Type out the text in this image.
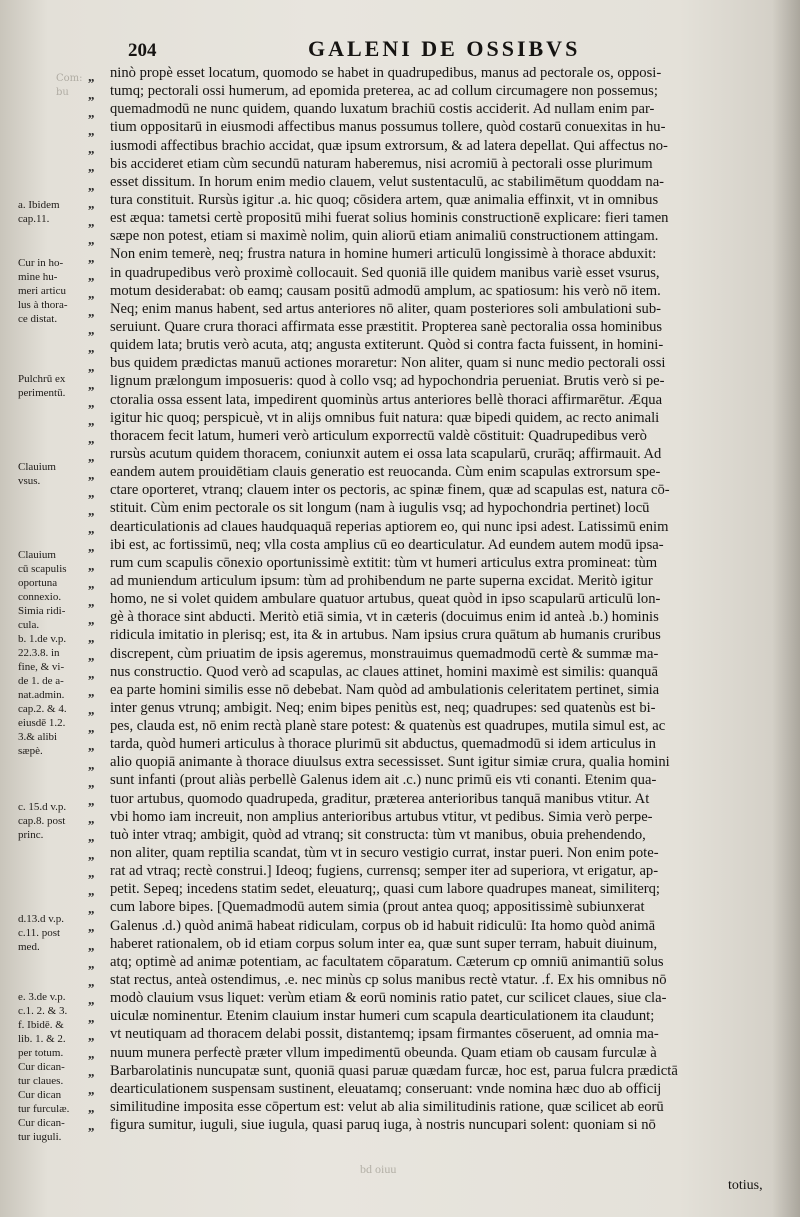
Com: bu
204	GALENI DE OSSIBVS
a. Ibidem
cap.11.
Cur in ho-
mine hu-
meri articu
lus à thora-
ce distat.
Pulchrū ex
perimentū.
Clauium
vsus.
Clauium
cū scapulis
oportuna
connexio.
Simia ridi-
cula.
b. 1.de v.p.
22.3.8. in
fine, & vi-
de 1. de a-
nat.admin.
cap.2. & 4.
eiusdē 1.2.
3.& alibi
sæpè.
c. 15.d v.p.
cap.8. post
princ.
d.13.d v.p.
c.11. post
med.
e. 3.de v.p.
c.1. 2. & 3.
f. Ibidē. &
lib. 1. & 2.
per totum.
Cur dican-
tur claues.
Cur dican
tur furculæ.
Cur dican-
tur iuguli.
„
„
„
„
„
„
„
„
„
„
„
„
„
„
„
„
„
„
„
„
„
„
„
„
„
„
„
„
„
„
„
„
„
„
„
„
„
„
„
„
„
„
„
„
„
„
„
„
„
„
„
„
„
„
„
„
„
„
„

ninò propè esset locatum, quomodo se habet in quadrupedibus, manus ad pectorale os, opposi-
tumq; pectorali ossi humerum, ad epomida preterea, ac ad collum circumagere non possemus;
quemadmodū ne nunc quidem, quando luxatum brachiū costis acciderit. Ad nullam enim par-
tium oppositarū in eiusmodi affectibus manus possumus tollere, quòd costarū conuexitas in hu-
iusmodi affectibus brachio accidat, quæ ipsum extrorsum, & ad latera depellat. Qui affectus no-
bis accideret etiam cùm secundū naturam haberemus, nisi acromiū à pectorali osse plurimum
esset dissitum. In horum enim medio clauem, velut sustentaculū, ac stabilimētum quoddam na-
tura constituit. Rursùs igitur .a. hic quoq; cōsidera artem, quæ animalia effinxit, vt in omnibus
est æqua: tametsi certè propositū mihi fuerat solius hominis constructionē explicare: fieri tamen
sæpe non potest, etiam si maximè nolim, quin aliorū etiam animaliū constructionem attingam.
Non enim temerè, neq; frustra natura in homine humeri articulū longissimè à thorace abduxit:
in quadrupedibus verò proximè collocauit. Sed quoniā ille quidem manibus variè esset vsurus,
motum desiderabat: ob eamq; causam positū admodū amplum, ac spatiosum: his verò nō item.
Neq; enim manus habent, sed artus anteriores nō aliter, quam posteriores soli ambulationi sub-
seruiunt. Quare crura thoraci affirmata esse præstitit. Propterea sanè pectoralia ossa hominibus
quidem lata; brutis verò acuta, atq; angusta extiterunt. Quòd si contra facta fuissent, in homini-
bus quidem prædictas manuū actiones moraretur: Non aliter, quam si nunc medio pectorali ossi
lignum prælongum imposueris: quod à collo vsq; ad hypochondria perueniat. Brutis verò si pe-
ctoralia ossa essent lata, impedirent quominùs artus anteriores bellè thoraci affirmarētur. Æqua
igitur hic quoq; perspicuè, vt in alijs omnibus fuit natura: quæ bipedi quidem, ac recto animali
thoracem fecit latum, humeri verò articulum exporrectū valdè cōstituit: Quadrupedibus verò
rursùs acutum quidem thoracem, coniunxit autem ei ossa lata scapularū, crurāq; affirmauit. Ad
eandem autem prouidētiam clauis generatio est reuocanda. Cùm enim scapulas extrorsum spe-
ctare oporteret, vtranq; clauem inter os pectoris, ac spinæ finem, quæ ad scapulas est, natura cō-
stituit. Cùm enim pectorale os sit longum (nam à iugulis vsq; ad hypochondria pertinet) locū
dearticulationis ad claues haudquaquā reperias aptiorem eo, qui nunc ipsi adest. Latissimū enim
ibi est, ac fortissimū, neq; vlla costa amplius cū eo dearticulatur. Ad eundem autem modū ipsa-
rum cum scapulis cōnexio oportunissimè extitit: tùm vt humeri articulus extra promineat: tùm
ad muniendum articulum ipsum: tùm ad prohibendum ne parte superna excidat. Meritò igitur
homo, ne si volet quidem ambulare quatuor artubus, queat quòd in ipso scapularū articulū lon-
gè à thorace sint abducti. Meritò etiā simia, vt in cæteris (docuimus enim id anteà .b.) hominis
ridicula imitatio in plerisq; est, ita & in artubus. Nam ipsius crura quātum ab humanis cruribus
discrepent, cùm priuatim de ipsis ageremus, monstrauimus quemadmodū certè & summæ ma-
nus constructio. Quod verò ad scapulas, ac claues attinet, homini maximè est similis: quanquā
ea parte homini similis esse nō debebat. Nam quòd ad ambulationis celeritatem pertinet, simia
inter genus vtrunq; ambigit. Neq; enim bipes penitùs est, neq; quadrupes: sed quatenùs est bi-
pes, clauda est, nō enim rectà planè stare potest: & quatenùs est quadrupes, mutila simul est, ac
tarda, quòd humeri articulus à thorace plurimū sit abductus, quemadmodū si idem articulus in
alio quopiā animante à thorace diuulsus extra secessisset. Sunt igitur simiæ crura, qualia homini
sunt infanti (prout aliàs perbellè Galenus idem ait .c.) nunc primū eis vti conanti. Etenim qua-
tuor artubus, quomodo quadrupeda, graditur, præterea anterioribus tanquā manibus vtitur. At
vbi homo iam increuit, non amplius anterioribus artubus vtitur, vt pedibus. Simia verò perpe-
tuò inter vtraq; ambigit, quòd ad vtranq; sit constructa: tùm vt manibus, obuia prehendendo,
non aliter, quam reptilia scandat, tùm vt in securo vestigio currat, instar pueri. Non enim pote-
rat ad vtraq; rectè construi.] Ideoq; fugiens, currensq; semper iter ad superiora, vt erigatur, ap-
petit. Sepeq; incedens statim sedet, eleuaturq;, quasi cum labore quadrupes maneat, similiterq;
cum labore bipes. [Quemadmodū autem simia (prout antea quoq; appositissimè subiunxerat
Galenus .d.) quòd animā habeat ridiculam, corpus ob id habuit ridiculū: Ita homo quòd animā
haberet rationalem, ob id etiam corpus solum inter ea, quæ sunt super terram, habuit diuinum,
atq; optimè ad animæ potentiam, ac facultatem cōparatum. Cæterum cp omniū animantiū solus
stat rectus, anteà ostendimus, .e. nec minùs cp solus manibus rectè vtatur. .f. Ex his omnibus nō
modò clauium vsus liquet: verùm etiam & eorū nominis ratio patet, cur scilicet claues, siue cla-
uiculæ nominentur. Etenim clauium instar humeri cum scapula dearticulationem ita claudunt;
vt neutiquam ad thoracem delabi possit, distantemq; ipsam firmantes cōseruent, ad omnia ma-
nuum munera perfectè præter vllum impedimentū obeunda. Quam etiam ob causam furculæ à
Barbarolatinis nuncupatæ sunt, quoniā quasi paruæ quædam furcæ, hoc est, parua fulcra prædictā
dearticulationem suspensam sustinent, eleuatamq; conseruant: vnde nomina hæc duo ab officij
similitudine imposita esse cōpertum est: velut ab alia similitudinis ratione, quæ scilicet ab eorū
figura sumitur, iuguli, siue iugula, quasi paruq iuga, à nostris nuncupari solent: quoniam si nō
bd oiuu
totius,
